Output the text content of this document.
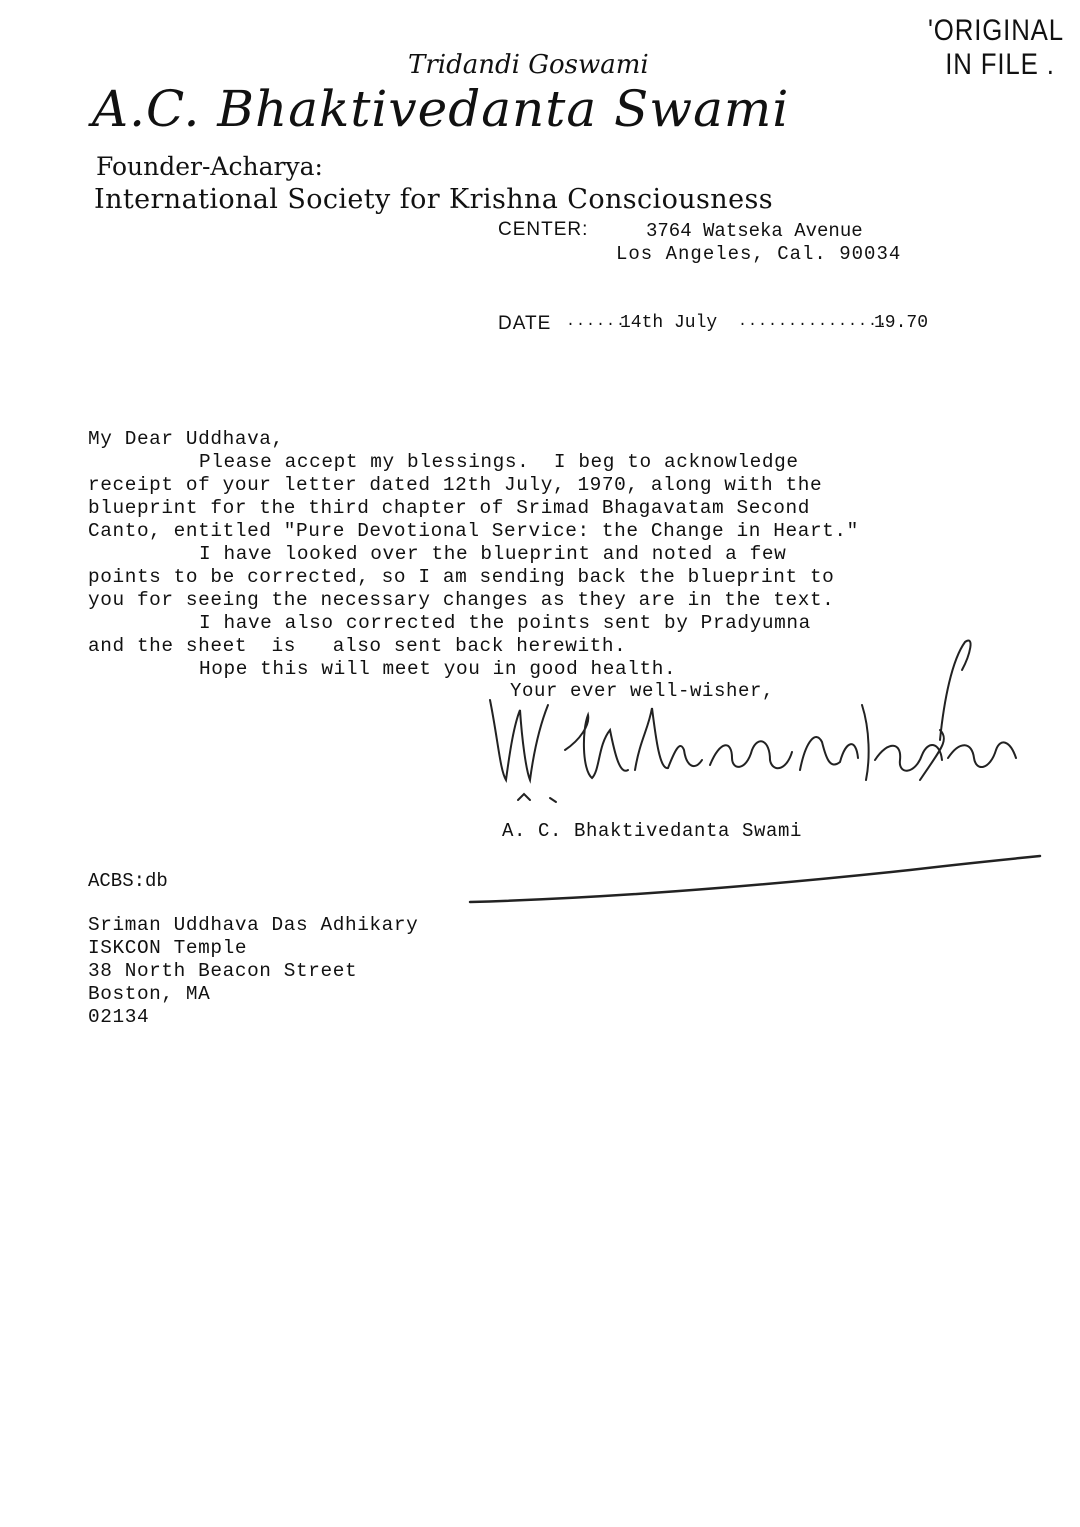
'ORIGINAL
IN FILE .
Tridandi Goswami
A.C. Bhaktivedanta Swami
Founder-Acharya:
International Society for Krishna Consciousness
CENTER:	3764 Watseka Avenue
Los Angeles, Cal. 90034
DATE ......
14th July ...............
19.70
My Dear Uddhava,
Please accept my blessings.  I beg to acknowledge
receipt of your letter dated 12th July, 1970, along with the
blueprint for the third chapter of Srimad Bhagavatam Second
Canto, entitled "Pure Devotional Service: the Change in Heart."
I have looked over the blueprint and noted a few
points to be corrected, so I am sending back the blueprint to
you for seeing the necessary changes as they are in the text.
I have also corrected the points sent by Pradyumna
and the sheet  is   also sent back herewith.
Hope this will meet you in good health.
Your ever well-wisher,
A. C. Bhaktivedanta Swami
ACBS:db
Sriman Uddhava Das Adhikary
ISKCON Temple
38 North Beacon Street
Boston, MA
02134
